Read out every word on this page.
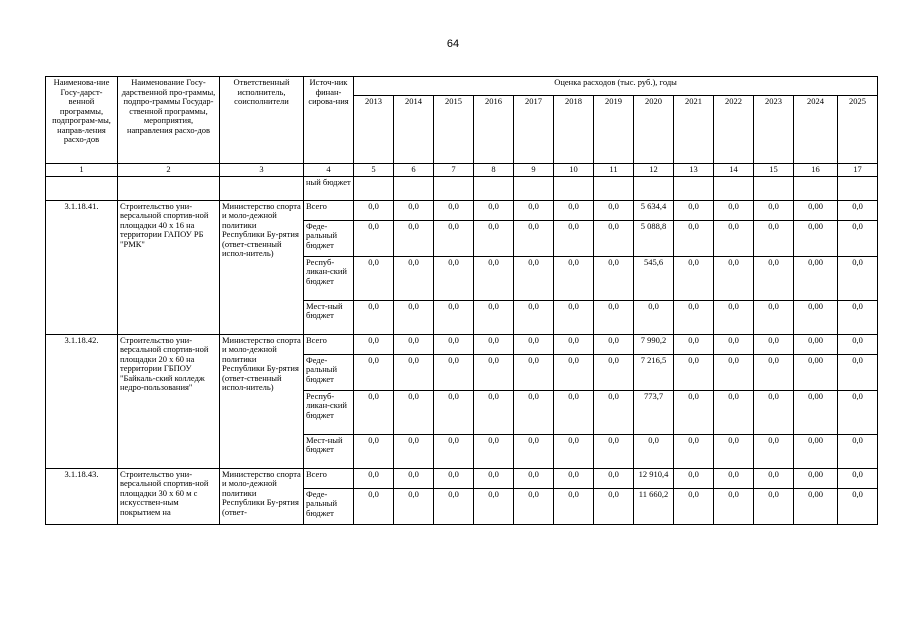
64
Наименова-ние Госу-дарст-венной программы, подпрограм-мы, направ-ления расхо-дов	Наименование Госу-дарственной про-граммы, подпро-граммы Государ-ственной программы, мероприятия, направления расхо-дов	Ответственный исполнитель, соисполнители	Источ-ник финан-сирова-ния	Оценка расходов (тыс. руб.), годы												
				2013	2014	2015	2016	2017	2018	2019	2020	2021	2022	2023	2024	2025
1	2	3	4	5	6	7	8	9	10	11	12	13	14	15	16	17
			ный бюджет													
3.1.18.41.	Строительство уни-версальной спортив-ной площадки 40 х 16 на территории ГАПОУ РБ "РМК"	Министерство спорта и моло-дежной политики Республики Бу-рятия (ответ-ственный испол-нитель)	Всего	0,0	0,0	0,0	0,0	0,0	0,0	0,0	5 634,4	0,0	0,0	0,0	0,00	0,0
			Феде-ральный бюджет	0,0	0,0	0,0	0,0	0,0	0,0	0,0	5 088,8	0,0	0,0	0,0	0,00	0,0
			Респуб-ликан-ский бюджет	0,0	0,0	0,0	0,0	0,0	0,0	0,0	545,6	0,0	0,0	0,0	0,00	0,0
			Мест-ный бюджет	0,0	0,0	0,0	0,0	0,0	0,0	0,0	0,0	0,0	0,0	0,0	0,00	0,0
3.1.18.42.	Строительство уни-версальной спортив-ной площадки 20 х 60 на территории ГБПОУ "Байкаль-ский колледж недро-пользования"	Министерство спорта и моло-дежной политики Республики Бу-рятия (ответ-ственный испол-нитель)	Всего	0,0	0,0	0,0	0,0	0,0	0,0	0,0	7 990,2	0,0	0,0	0,0	0,00	0,0
			Феде-ральный бюджет	0,0	0,0	0,0	0,0	0,0	0,0	0,0	7 216,5	0,0	0,0	0,0	0,00	0,0
			Респуб-ликан-ский бюджет	0,0	0,0	0,0	0,0	0,0	0,0	0,0	773,7	0,0	0,0	0,0	0,00	0,0
			Мест-ный бюджет	0,0	0,0	0,0	0,0	0,0	0,0	0,0	0,0	0,0	0,0	0,0	0,00	0,0
3.1.18.43.	Строительство уни-версальной спортив-ной площадки 30 х 60 м с искусствен-ным покрытием на	Министерство спорта и моло-дежной политики Республики Бу-рятия (ответ-	Всего	0,0	0,0	0,0	0,0	0,0	0,0	0,0	12 910,4	0,0	0,0	0,0	0,00	0,0
			Феде-ральный бюджет	0,0	0,0	0,0	0,0	0,0	0,0	0,0	11 660,2	0,0	0,0	0,0	0,00	0,0
